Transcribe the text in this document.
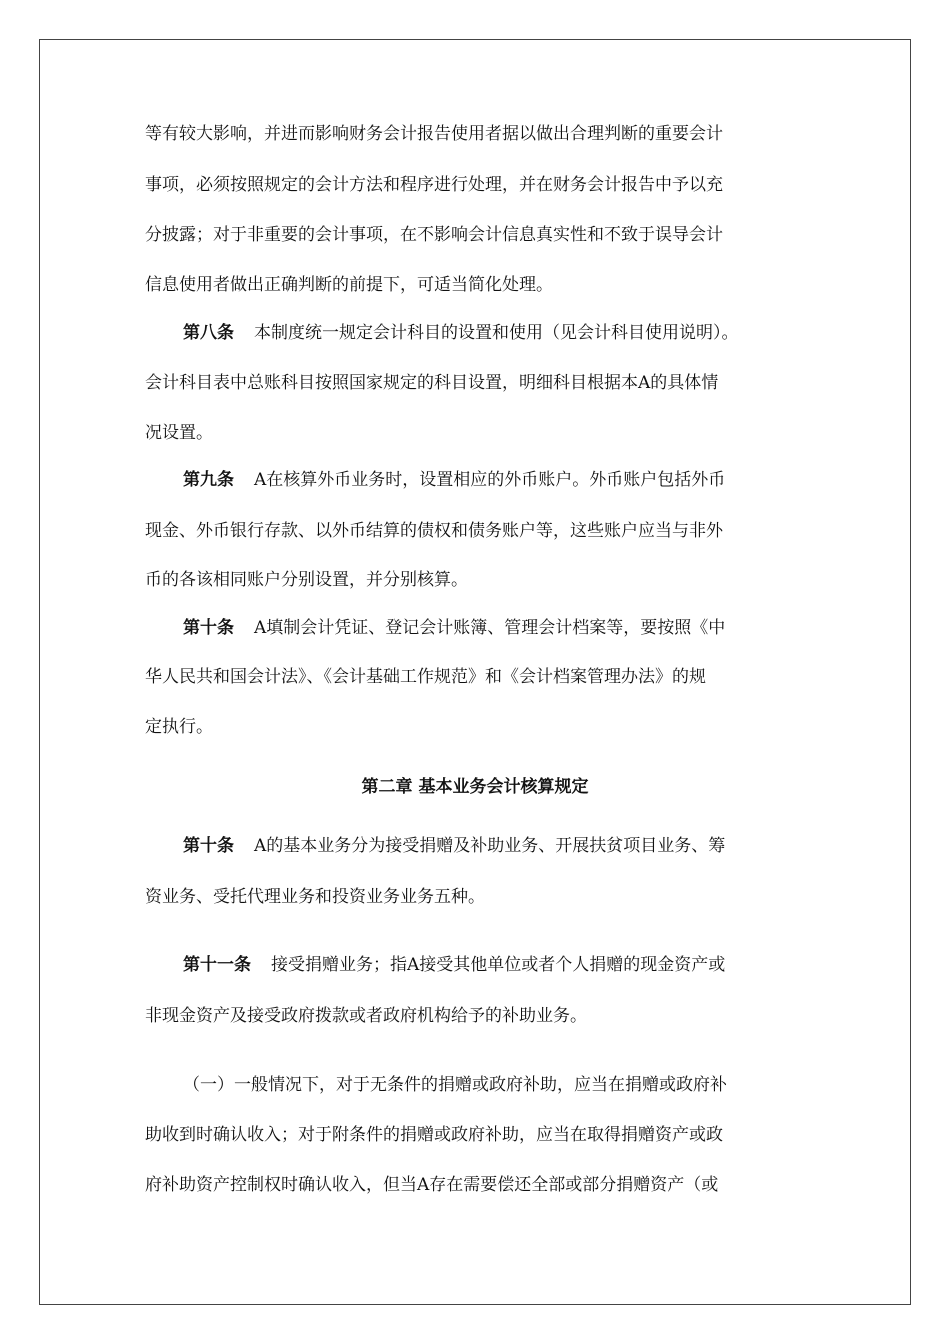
等有较大影响，并进而影响财务会计报告使用者据以做出合理判断的重要会计
事项，必须按照规定的会计方法和程序进行处理，并在财务会计报告中予以充
分披露；对于非重要的会计事项，在不影响会计信息真实性和不致于误导会计
信息使用者做出正确判断的前提下，可适当简化处理。
第八条 本制度统一规定会计科目的设置和使用（见会计科目使用说明）。
会计科目表中总账科目按照国家规定的科目设置，明细科目根据本A的具体情
况设置。
第九条 A在核算外币业务时，设置相应的外币账户。外币账户包括外币
现金、外币银行存款、以外币结算的债权和债务账户等，这些账户应当与非外
币的各该相同账户分别设置，并分别核算。
第十条 A填制会计凭证、登记会计账簿、管理会计档案等，要按照《中
华人民共和国会计法》、《会计基础工作规范》和《会计档案管理办法》的规
定执行。
第二章 基本业务会计核算规定
第十条 A的基本业务分为接受捐赠及补助业务、开展扶贫项目业务、筹
资业务、受托代理业务和投资业务业务五种。
第十一条 接受捐赠业务；指A接受其他单位或者个人捐赠的现金资产或
非现金资产及接受政府拨款或者政府机构给予的补助业务。
（一）一般情况下，对于无条件的捐赠或政府补助，应当在捐赠或政府补
助收到时确认收入；对于附条件的捐赠或政府补助，应当在取得捐赠资产或政
府补助资产控制权时确认收入，但当A存在需要偿还全部或部分捐赠资产（或
